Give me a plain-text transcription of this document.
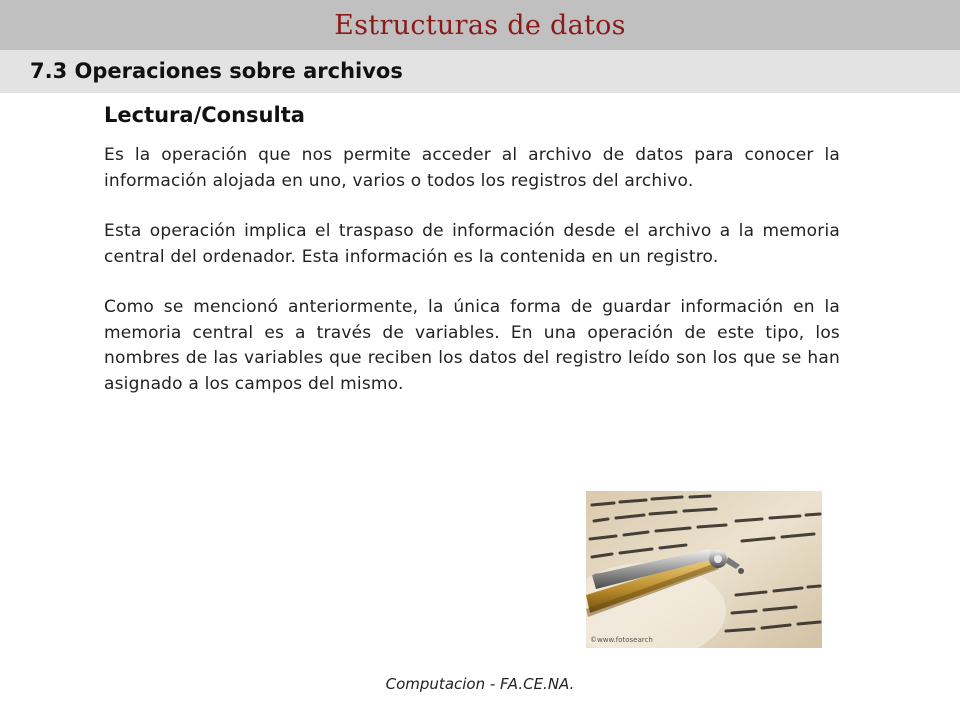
Estructuras de datos
7.3 Operaciones sobre archivos
Lectura/Consulta

Es la operación que nos permite acceder al archivo de datos para conocer la información alojada en uno, varios o todos los registros del archivo.

Esta operación implica el traspaso de información desde el archivo a la memoria central del ordenador. Esta información es la contenida en un registro.

Como se mencionó anteriormente, la única forma de guardar información en la memoria central es a través de variables. En una operación de este tipo, los nombres de las variables que reciben los datos del registro leído son los que se han asignado a los campos del mismo.

©www.fotosearch
Computacion - FA.CE.NA.
